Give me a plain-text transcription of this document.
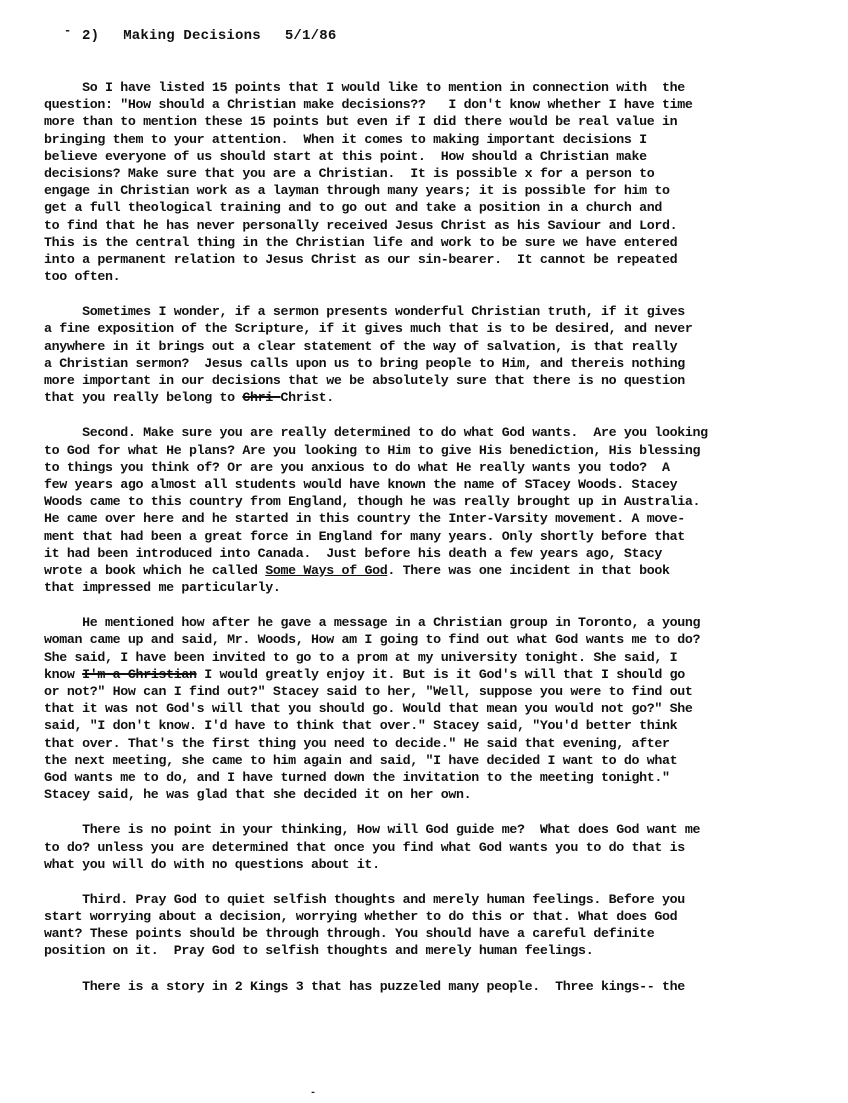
- 2) Making Decisions 5/1/86
So I have listed 15 points that I would like to mention in connection with  the
question: "How should a Christian make decisions??   I don't know whether I have time
more than to mention these 15 points but even if I did there would be real value in
bringing them to your attention.  When it comes to making important decisions I
believe everyone of us should start at this point.  How should a Christian make
decisions? Make sure that you are a Christian.  It is possible x for a person to
engage in Christian work as a layman through many years; it is possible for him to
get a full theological training and to go out and take a position in a church and
to find that he has never personally received Jesus Christ as his Saviour and Lord.
This is the central thing in the Christian life and work to be sure we have entered
into a permanent relation to Jesus Christ as our sin-bearer.  It cannot be repeated
too often.
Sometimes I wonder, if a sermon presents wonderful Christian truth, if it gives
a fine exposition of the Scripture, if it gives much that is to be desired, and never
anywhere in it brings out a clear statement of the way of salvation, is that really
a Christian sermon?  Jesus calls upon us to bring people to Him, and thereis nothing
more important in our decisions that we be absolutely sure that there is no question
that you really belong to Chri Christ.
Second. Make sure you are really determined to do what God wants.  Are you looking
to God for what He plans? Are you looking to Him to give His benediction, His blessing
to things you think of? Or are you anxious to do what He really wants you todo?  A
few years ago almost all students would have known the name of STacey Woods. Stacey
Woods came to this country from England, though he was really brought up in Australia.
He came over here and he started in this country the Inter-Varsity movement. A move-
ment that had been a great force in England for many years. Only shortly before that
it had been introduced into Canada.  Just before his death a few years ago, Stacy
wrote a book which he called Some Ways of God. There was one incident in that book
that impressed me particularly.
He mentioned how after he gave a message in a Christian group in Toronto, a young
woman came up and said, Mr. Woods, How am I going to find out what God wants me to do?
She said, I have been invited to go to a prom at my university tonight. She said, I
know I'm a Christian I would greatly enjoy it. But is it God's will that I should go
or not?" How can I find out?" Stacey said to her, "Well, suppose you were to find out
that it was not God's will that you should go. Would that mean you would not go?" She
said, "I don't know. I'd have to think that over." Stacey said, "You'd better think
that over. That's the first thing you need to decide." He said that evening, after
the next meeting, she came to him again and said, "I have decided I want to do what
God wants me to do, and I have turned down the invitation to the meeting tonight."
Stacey said, he was glad that she decided it on her own.
There is no point in your thinking, How will God guide me?  What does God want me
to do? unless you are determined that once you find what God wants you to do that is
what you will do with no questions about it.
Third. Pray God to quiet selfish thoughts and merely human feelings. Before you
start worrying about a decision, worrying whether to do this or that. What does God
want? These points should be through through. You should have a careful definite
position on it.  Pray God to selfish thoughts and merely human feelings.
There is a story in 2 Kings 3 that has puzzeled many people.  Three kings-- the
-
